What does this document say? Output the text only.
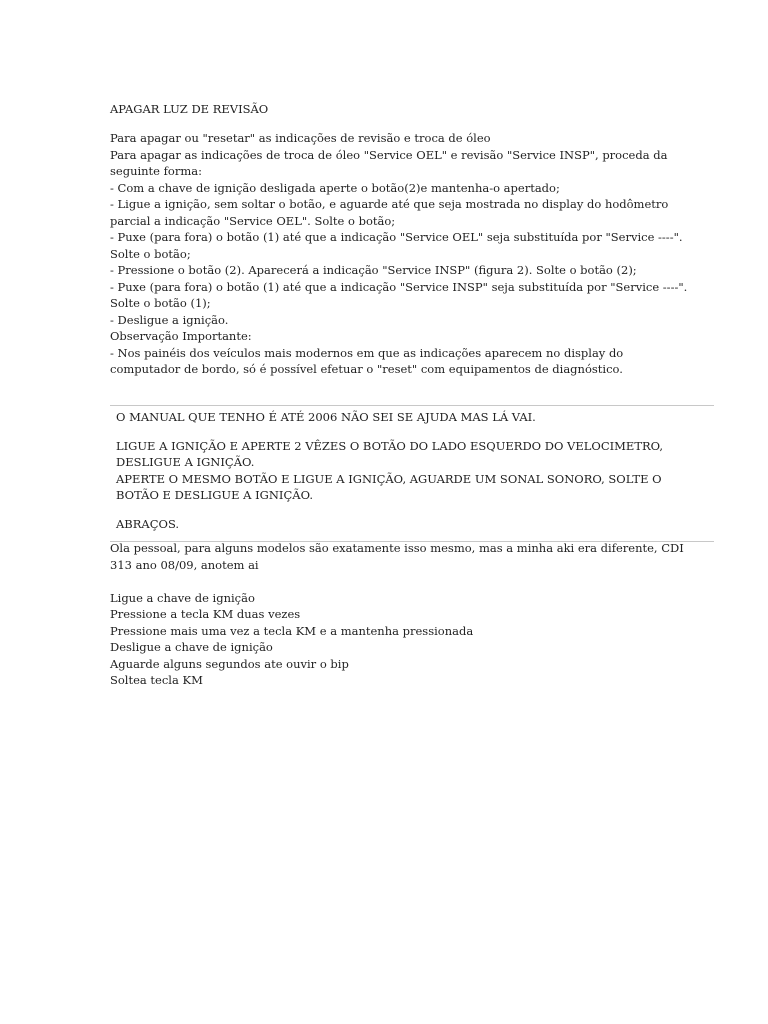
APAGAR LUZ DE REVISÃO
Para apagar ou "resetar" as indicações de revisão e troca de óleo
Para apagar as indicações de troca de óleo "Service OEL" e revisão "Service INSP", proceda da seguinte forma:
- Com a chave de ignição desligada aperte o botão(2)e mantenha-o apertado;
- Ligue a ignição, sem soltar o botão, e aguarde até que seja mostrada no display do hodômetro parcial a indicação "Service OEL". Solte o botão;
- Puxe (para fora) o botão (1) até que a indicação "Service OEL" seja substituída por "Service ----". Solte o botão;
- Pressione o botão (2). Aparecerá a indicação "Service INSP" (figura 2). Solte o botão (2);
- Puxe (para fora) o botão (1) até que a indicação "Service INSP" seja substituída por "Service ----". Solte o botão (1);
- Desligue a ignição.
Observação Importante:
- Nos painéis dos veículos mais modernos em que as indicações aparecem no display do computador de bordo, só é possível efetuar o "reset" com equipamentos de diagnóstico.
O MANUAL QUE TENHO É ATÉ 2006 NÃO SEI SE AJUDA MAS LÁ VAI.
LIGUE A IGNIÇÃO E APERTE 2 VÊZES O BOTÃO DO LADO ESQUERDO DO VELOCIMETRO,
DESLIGUE A IGNIÇÃO.
APERTE O MESMO BOTÃO E LIGUE A IGNIÇÃO, AGUARDE UM SONAL SONORO, SOLTE O BOTÃO E DESLIGUE A IGNIÇÃO.
ABRAÇOS.
Ola pessoal, para alguns modelos são exatamente isso mesmo, mas a minha aki era diferente, CDI 313 ano 08/09, anotem ai
Ligue a chave de ignição
Pressione a tecla KM duas vezes
Pressione mais uma vez a tecla KM e a mantenha pressionada
Desligue a chave de ignição
Aguarde alguns segundos ate ouvir o bip
Soltea tecla KM
